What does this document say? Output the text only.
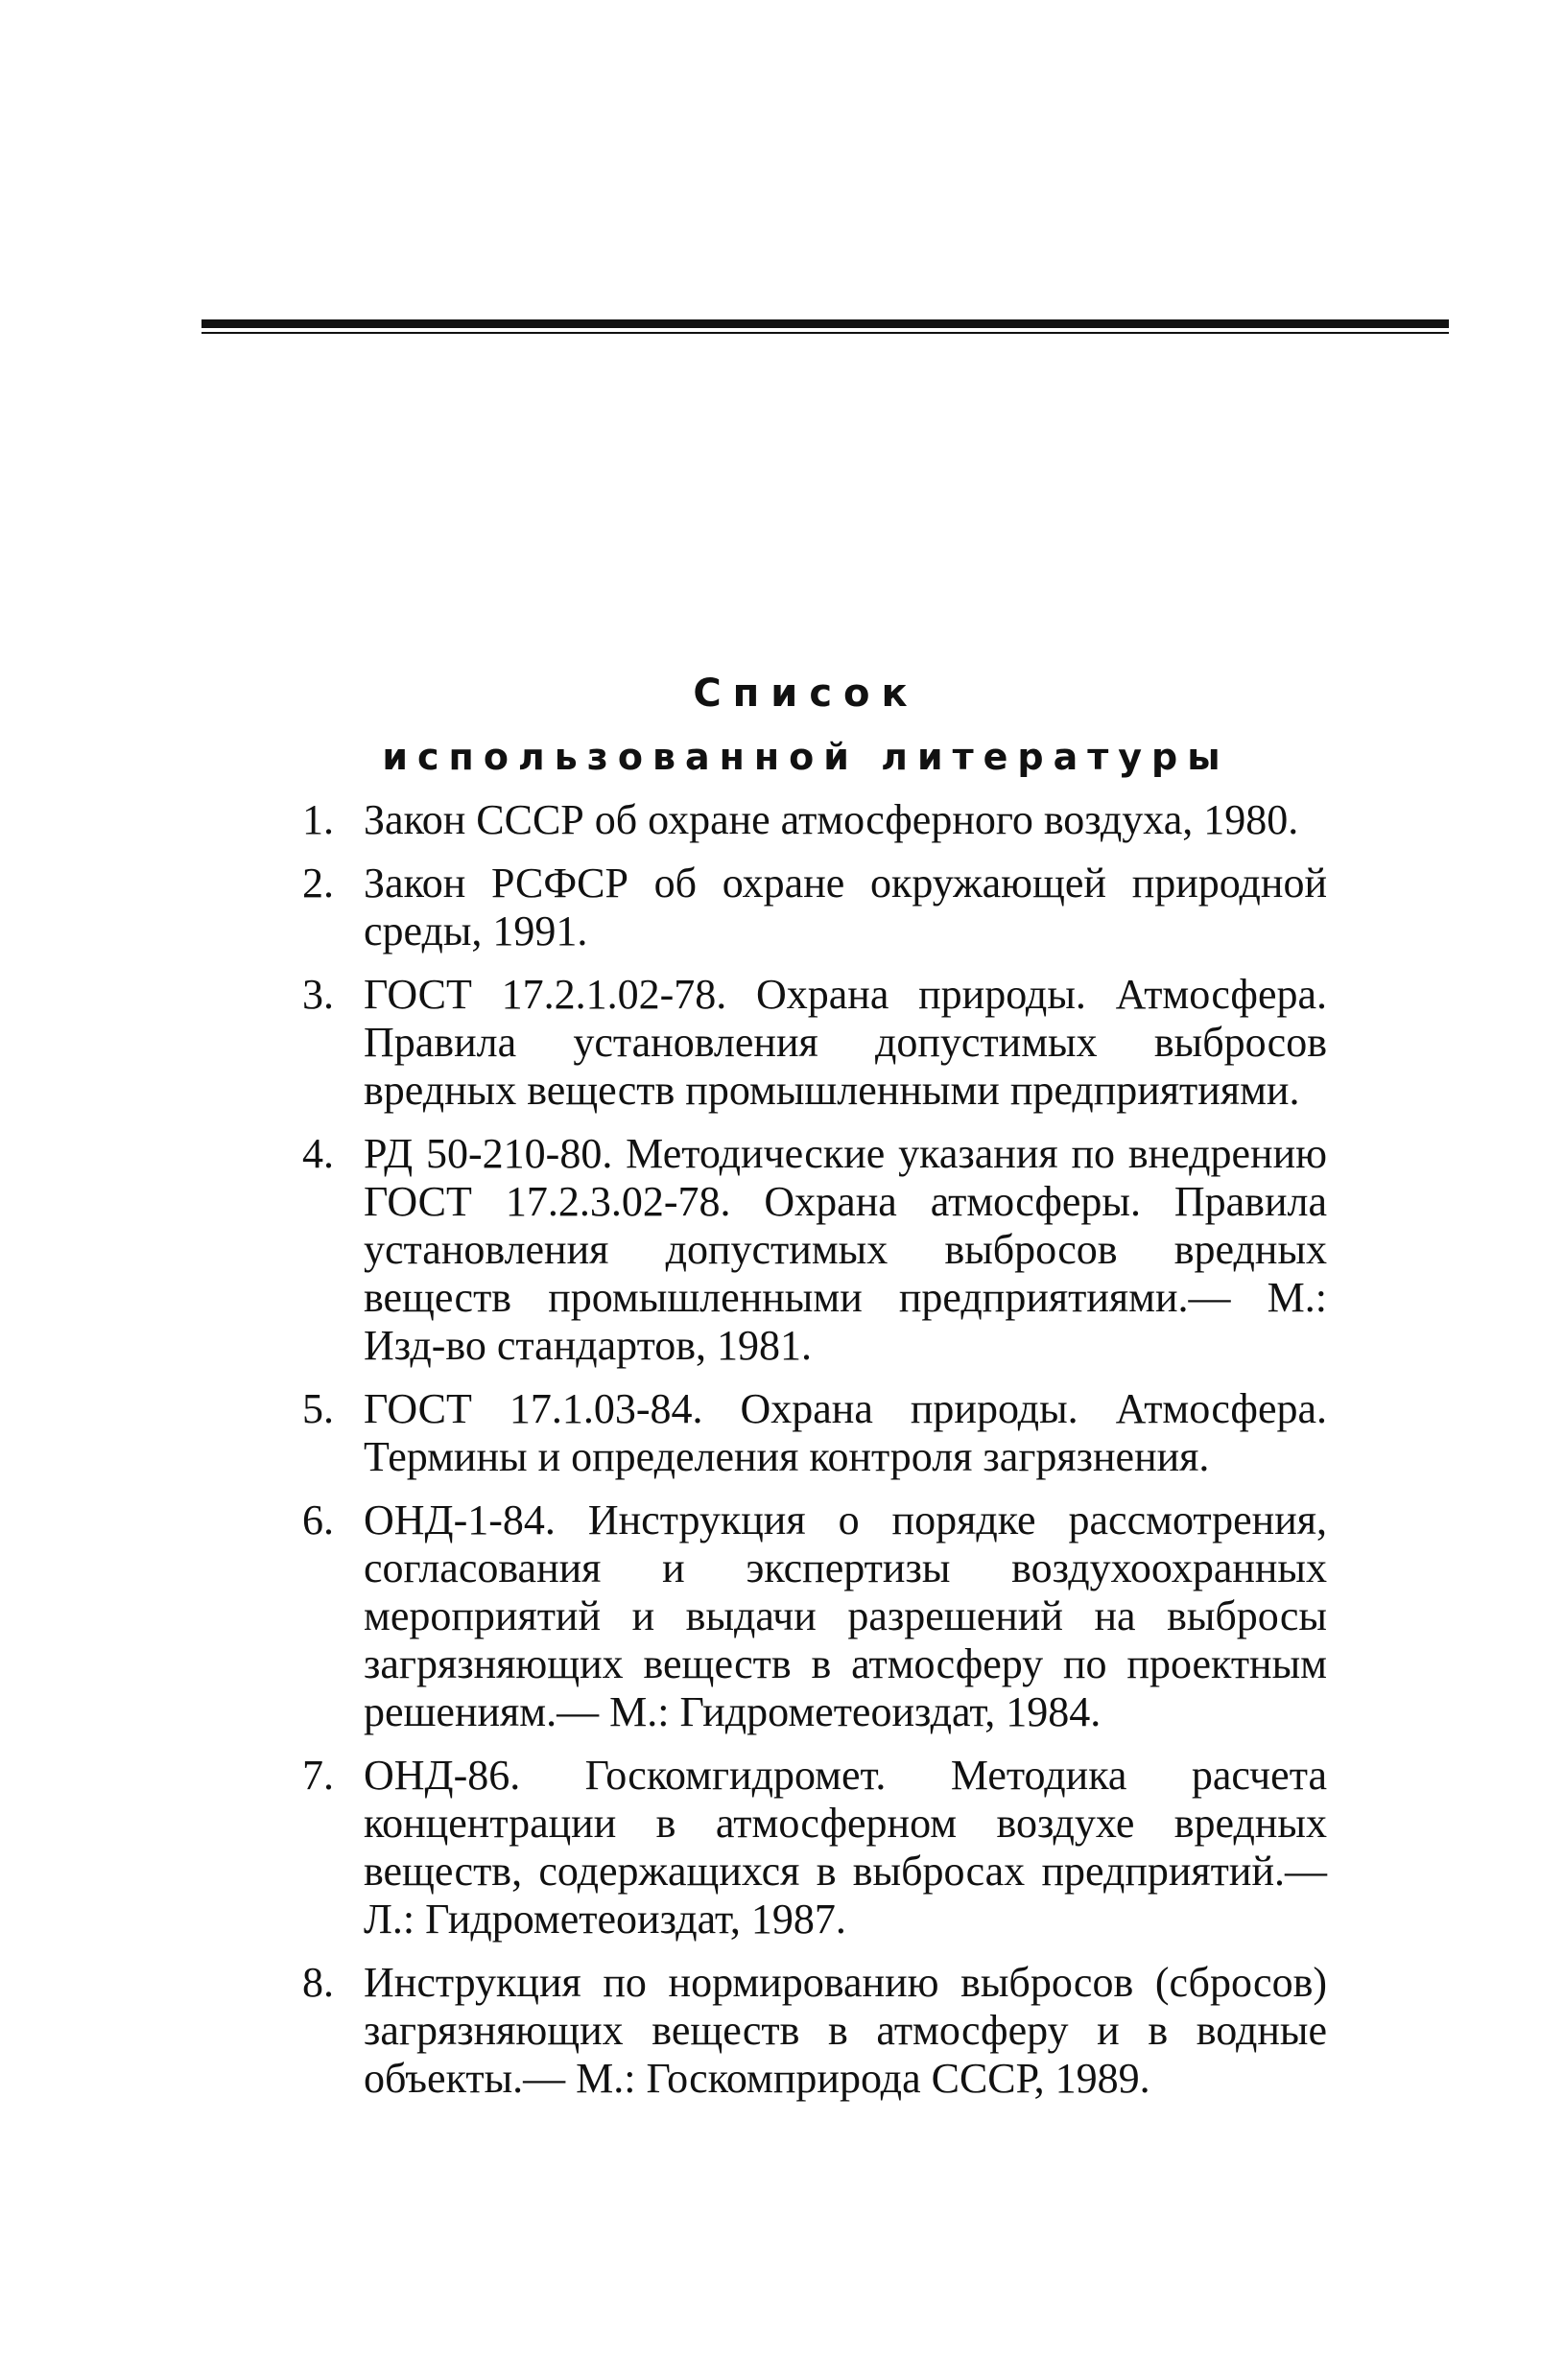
Список
использованной литературы
1. Закон СССР об охране атмосферного воздуха, 1980.
2. Закон РСФСР об охране окружающей природной среды, 1991.
3. ГОСТ 17.2.1.02-78. Охрана природы. Атмосфера. Правила установления допустимых выбросов вредных веществ промышленными предприятиями.
4. РД 50-210-80. Методические указания по внедрению ГОСТ 17.2.3.02-78. Охрана атмосферы. Правила установления допустимых выбросов вредных веществ промышленными предприятиями.— М.: Изд-во стандартов, 1981.
5. ГОСТ 17.1.03-84. Охрана природы. Атмосфера. Термины и определения контроля загрязнения.
6. ОНД-1-84. Инструкция о порядке рассмотрения, согласования и экспертизы воздухоохранных мероприятий и выдачи разрешений на выбросы загрязняющих веществ в атмосферу по проектным решениям.— М.: Гидрометеоиздат, 1984.
7. ОНД-86. Госкомгидромет. Методика расчета концентрации в атмосферном воздухе вредных веществ, содержащихся в выбросах предприятий.— Л.: Гидрометеоиздат, 1987.
8. Инструкция по нормированию выбросов (сбросов) загрязняющих веществ в атмосферу и в водные объекты.— М.: Госкомприрода СССР, 1989.
